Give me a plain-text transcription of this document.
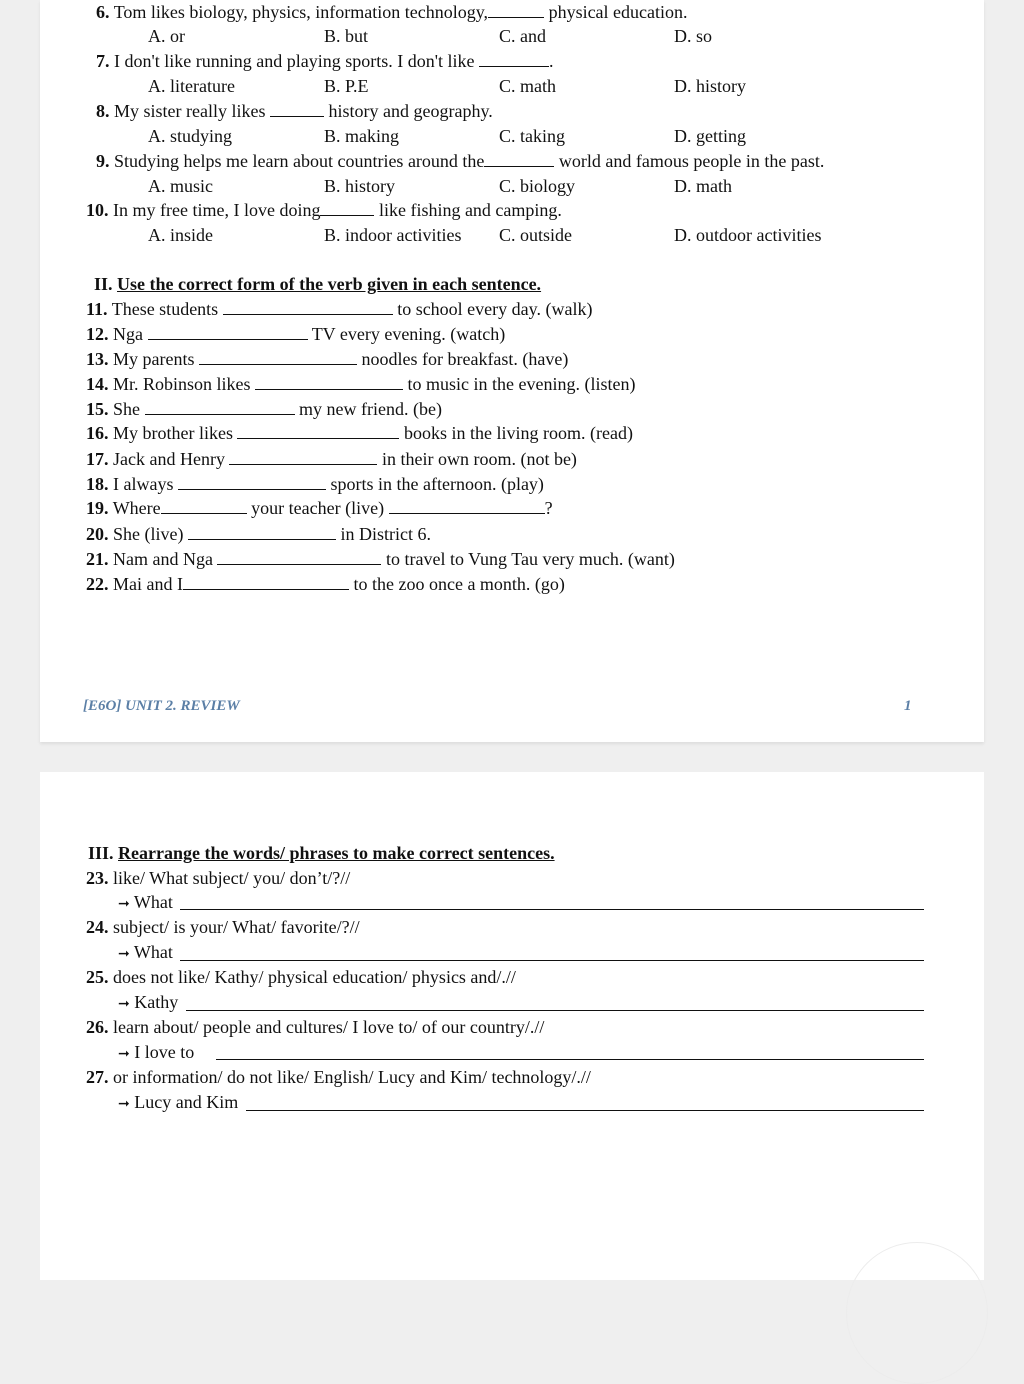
6. Tom likes biology, physics, information technology,	physical education.
A. or	B. but	C. and	D. so
7. I don't like running and playing sports. I don't like	.
A. literature	B. P.E	C. math	D. history
8. My sister really likes	history and geography.
A. studying	B. making	C. taking	D. getting
9. Studying helps me learn about countries around the	world and famous people in the past.
A. music	B. history	C. biology	D. math
10. In my free time, I love doing	like fishing and camping.
A. inside	B. indoor activities C. outside	D. outdoor activities
II. Use the correct form of the verb given in each sentence.
11. These students	to school every day. (walk)
12. Nga	TV every evening. (watch)
13. My parents	noodles for breakfast. (have)
14. Mr. Robinson likes	to music in the evening. (listen)
15. She	my new friend. (be)
16. My brother likes	books in the living room. (read)
17. Jack and Henry	in their own room. (not be)
18. I always	sports in the afternoon. (play)
19. Where	your teacher (live)	?
20. She (live)	in District 6.
21. Nam and Nga	to travel to Vung Tau very much. (want)
22. Mai and I	to the zoo once a month. (go)
[E6O] UNIT 2. REVIEW	1
III. Rearrange the words/ phrases to make correct sentences.
23. like/ What subject/ you/ don’t/?//
➞ What
24. subject/ is your/ What/ favorite/?//
➞ What
25. does not like/ Kathy/ physical education/ physics and/.//
➞ Kathy
26. learn about/ people and cultures/ I love to/ of our country/.//
➞ I love to
27. or information/ do not like/ English/ Lucy and Kim/ technology/.//
➞ Lucy and Kim
